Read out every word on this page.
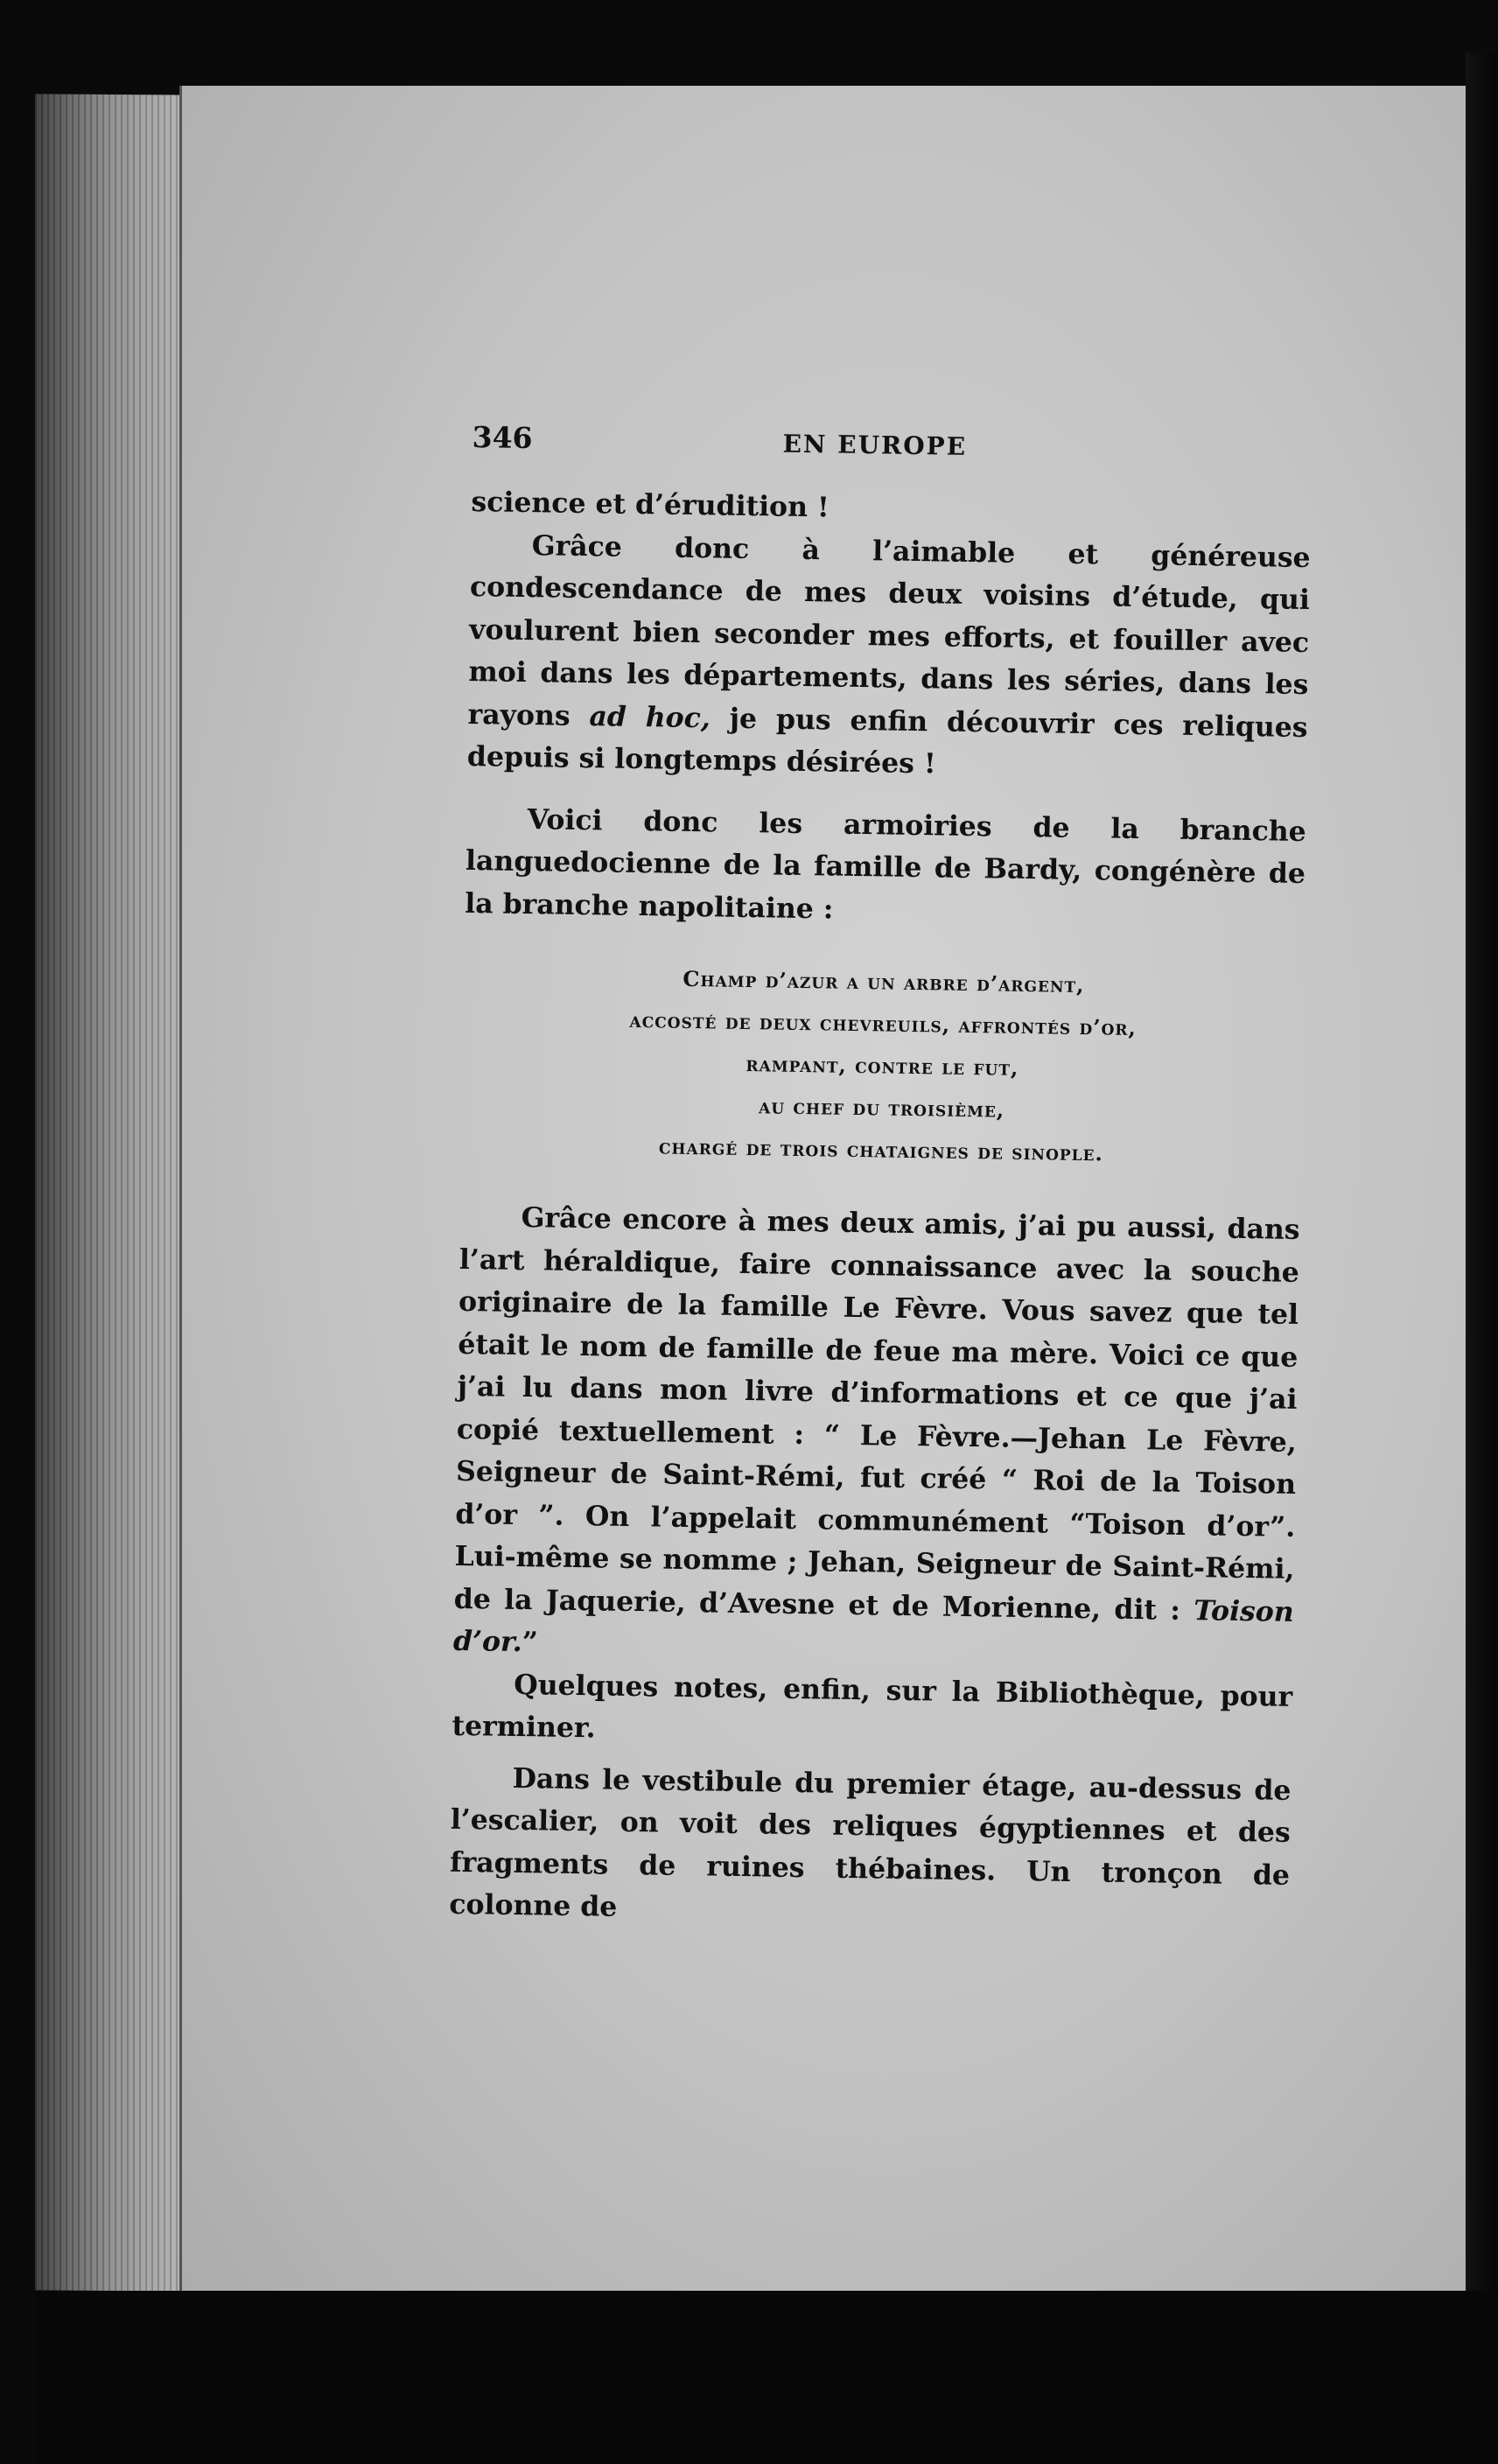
346	EN EUROPE

science et d’érudition !

Grâce donc à l’aimable et généreuse condescendance de mes deux voisins d’étude, qui voulurent bien seconder mes efforts, et fouiller avec moi dans les départements, dans les séries, dans les rayons ad hoc, je pus enfin découvrir ces reliques depuis si longtemps désirées !

Voici donc les armoiries de la branche languedocienne de la famille de Bardy, congénère de la branche napolitaine :

Champ d’azur a un arbre d’argent,
accosté de deux chevreuils, affrontés d’or,
rampant, contre le fut,
au chef du troisième,
chargé de trois chataignes de sinople.

Grâce encore à mes deux amis, j’ai pu aussi, dans l’art héraldique, faire connaissance avec la souche originaire de la famille Le Fèvre. Vous savez que tel était le nom de famille de feue ma mère. Voici ce que j’ai lu dans mon livre d’informations et ce que j’ai copié textuellement : “ Le Fèvre.—Jehan Le Fèvre, Seigneur de Saint-Rémi, fut créé “ Roi de la Toison d’or ”. On l’appelait communément “Toison d’or”. Lui-même se nomme ; Jehan, Seigneur de Saint-Rémi, de la Jaquerie, d’Avesne et de Morienne, dit : Toison d’or.”

Quelques notes, enfin, sur la Bibliothèque, pour terminer.

Dans le vestibule du premier étage, au-dessus de l’escalier, on voit des reliques égyptiennes et des fragments de ruines thébaines. Un tronçon de colonne de
